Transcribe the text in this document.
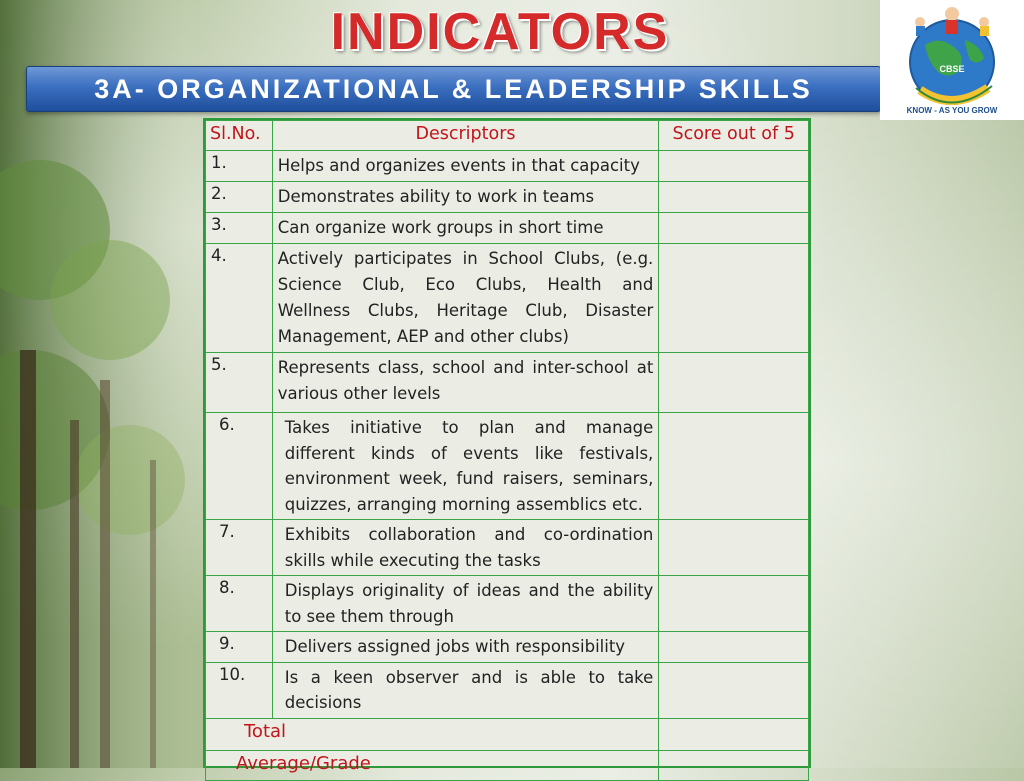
INDICATORS
3A- ORGANIZATIONAL & LEADERSHIP SKILLS
CBSE
KNOW - AS YOU GROW
Sl.No.	Descriptors	Score out of 5
1.	Helps and organizes events in that capacity	
2.	Demonstrates ability to work in teams	
3.	Can organize work groups in short time	
4.	Actively participates in School Clubs, (e.g. Science Club, Eco Clubs, Health and Wellness Clubs, Heritage Club, Disaster Management, AEP and other clubs)	
5.	Represents class, school and inter-school at various other levels	
6.	Takes initiative to plan and manage different kinds of events like festivals, environment week, fund raisers, seminars, quizzes, arranging morning assemblics etc.	
7.	Exhibits collaboration and co-ordination skills while executing the tasks	
8.	Displays originality of ideas and the ability to see them through	
9.	Delivers assigned jobs with responsibility	
10.	Is a keen observer and is able to take decisions	
Total		
Average/Grade		
